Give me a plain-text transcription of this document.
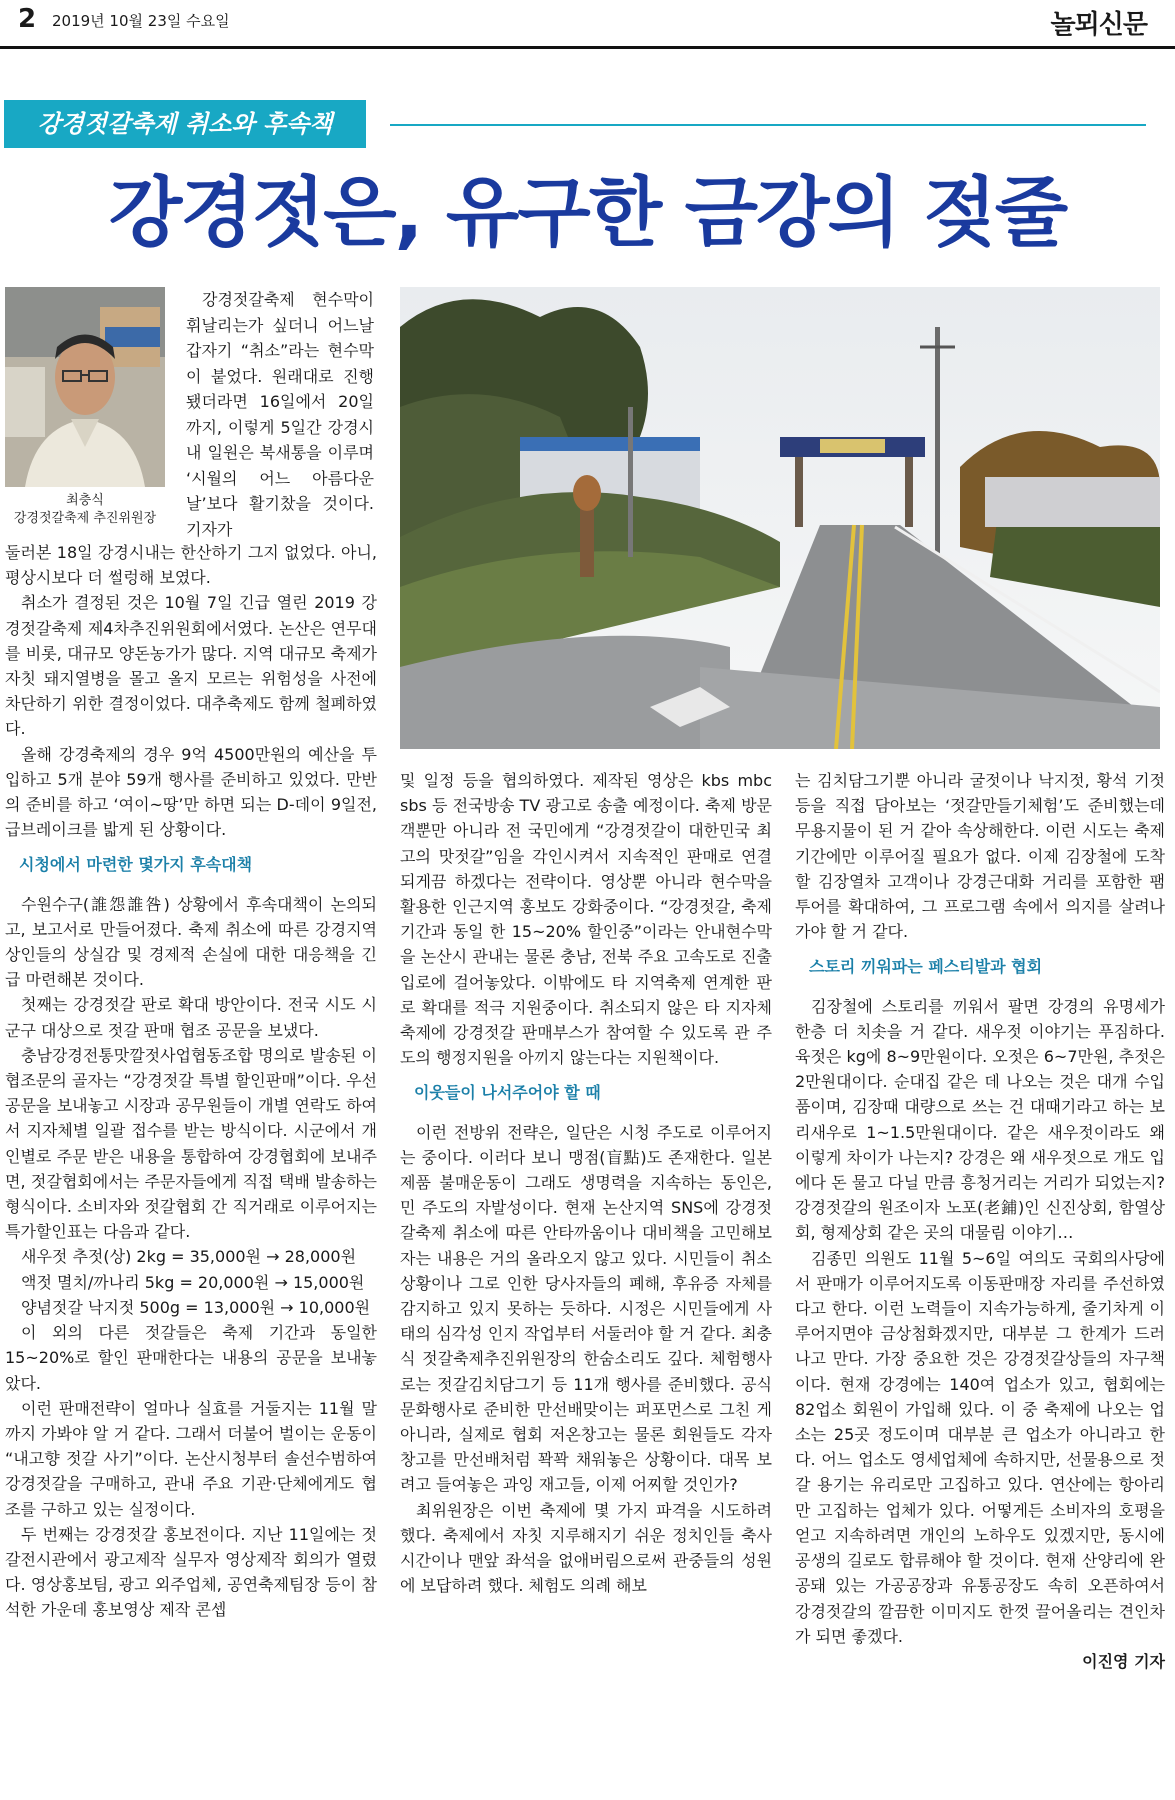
2 2019년 10월 23일 수요일	놀뫼신문
강경젓갈축제 취소와 후속책
강경젓은, 유구한 금강의 젖줄
최충식
강경젓갈축제 추진위원장

강경젓갈축제 현수막이 휘날리는가 싶더니 어느날 갑자기 “취소”라는 현수막이 붙었다. 원래대로 진행됐더라면 16일에서 20일까지, 이렇게 5일간 강경시내 일원은 북새통을 이루며 ‘시월의 어느 아름다운 날’보다 활기찼을 것이다. 기자가

둘러본 18일 강경시내는 한산하기 그지 없었다. 아니, 평상시보다 더 썰렁해 보였다.

취소가 결정된 것은 10월 7일 긴급 열린 2019 강경젓갈축제 제4차추진위원회에서였다. 논산은 연무대를 비롯, 대규모 양돈농가가 많다. 지역 대규모 축제가 자칫 돼지열병을 몰고 올지 모르는 위험성을 사전에 차단하기 위한 결정이었다. 대추축제도 함께 철폐하였다.

올해 강경축제의 경우 9억 4500만원의 예산을 투입하고 5개 분야 59개 행사를 준비하고 있었다. 만반의 준비를 하고 ‘여이~땅’만 하면 되는 D-데이 9일전, 급브레이크를 밟게 된 상황이다.

시청에서 마련한 몇가지 후속대책

수원수구(誰怨誰咎) 상황에서 후속대책이 논의되고, 보고서로 만들어졌다. 축제 취소에 따른 강경지역 상인들의 상실감 및 경제적 손실에 대한 대응책을 긴급 마련해본 것이다.

첫째는 강경젓갈 판로 확대 방안이다. 전국 시도 시군구 대상으로 젓갈 판매 협조 공문을 보냈다.

충남강경전통맛깔젓사업협동조합 명의로 발송된 이 협조문의 골자는 “강경젓갈 특별 할인판매”이다. 우선 공문을 보내놓고 시장과 공무원들이 개별 연락도 하여서 지자체별 일괄 접수를 받는 방식이다. 시군에서 개인별로 주문 받은 내용을 통합하여 강경협회에 보내주면, 젓갈협회에서는 주문자들에게 직접 택배 발송하는 형식이다. 소비자와 젓갈협회 간 직거래로 이루어지는 특가할인표는 다음과 같다.

새우젓 추젓(상) 2kg = 35,000원 → 28,000원

액젓 멸치/까나리 5kg = 20,000원 → 15,000원

양념젓갈 낙지젓 500g = 13,000원 → 10,000원

이 외의 다른 젓갈들은 축제 기간과 동일한 15~20%로 할인 판매한다는 내용의 공문을 보내놓았다.

이런 판매전략이 얼마나 실효를 거둘지는 11월 말까지 가봐야 알 거 같다. 그래서 더불어 벌이는 운동이 “내고향 젓갈 사기”이다. 논산시청부터 솔선수범하여 강경젓갈을 구매하고, 관내 주요 기관·단체에게도 협조를 구하고 있는 실정이다.

두 번째는 강경젓갈 홍보전이다. 지난 11일에는 젓갈전시관에서 광고제작 실무자 영상제작 회의가 열렸다. 영상홍보팀, 광고 외주업체, 공연축제팀장 등이 참석한 가운데 홍보영상 제작 콘셉

및 일정 등을 협의하였다. 제작된 영상은 kbs mbc sbs 등 전국방송 TV 광고로 송출 예정이다. 축제 방문객뿐만 아니라 전 국민에게 “강경젓갈이 대한민국 최고의 맛젓갈”임을 각인시켜서 지속적인 판매로 연결되게끔 하겠다는 전략이다. 영상뿐 아니라 현수막을 활용한 인근지역 홍보도 강화중이다. “강경젓갈, 축제 기간과 동일 한 15~20% 할인중”이라는 안내현수막을 논산시 관내는 물론 충남, 전북 주요 고속도로 진출입로에 걸어놓았다. 이밖에도 타 지역축제 연계한 판로 확대를 적극 지원중이다. 취소되지 않은 타 지자체 축제에 강경젓갈 판매부스가 참여할 수 있도록 관 주도의 행정지원을 아끼지 않는다는 지원책이다.

이웃들이 나서주어야 할 때

이런 전방위 전략은, 일단은 시청 주도로 이루어지는 중이다. 이러다 보니 맹점(盲點)도 존재한다. 일본제품 불매운동이 그래도 생명력을 지속하는 동인은, 민 주도의 자발성이다. 현재 논산지역 SNS에 강경젓갈축제 취소에 따른 안타까움이나 대비책을 고민해보자는 내용은 거의 올라오지 않고 있다. 시민들이 취소 상황이나 그로 인한 당사자들의 폐해, 후유증 자체를 감지하고 있지 못하는 듯하다. 시정은 시민들에게 사태의 심각성 인지 작업부터 서둘러야 할 거 같다. 최충식 젓갈축제추진위원장의 한숨소리도 깊다. 체험행사로는 젓갈김치담그기 등 11개 행사를 준비했다. 공식 문화행사로 준비한 만선배맞이는 퍼포먼스로 그친 게 아니라, 실제로 협회 저온창고는 물론 회원들도 각자 창고를 만선배처럼 꽉꽉 채워놓은 상황이다. 대목 보려고 들여놓은 과잉 재고들, 이제 어찌할 것인가?

최위원장은 이번 축제에 몇 가지 파격을 시도하려 했다. 축제에서 자칫 지루해지기 쉬운 정치인들 축사시간이나 맨앞 좌석을 없애버림으로써 관중들의 성원에 보답하려 했다. 체험도 의례 해보

는 김치담그기뿐 아니라 굴젓이나 낙지젓, 황석 기젓 등을 직접 담아보는 ‘젓갈만들기체험’도 준비했는데 무용지물이 된 거 같아 속상해한다. 이런 시도는 축제 기간에만 이루어질 필요가 없다. 이제 김장철에 도착할 김장열차 고객이나 강경근대화 거리를 포함한 팸투어를 확대하여, 그 프로그램 속에서 의지를 살려나가야 할 거 같다.

스토리 끼워파는 페스티발과 협회

김장철에 스토리를 끼워서 팔면 강경의 유명세가 한층 더 치솟을 거 같다. 새우젓 이야기는 푸짐하다. 육젓은 kg에 8~9만원이다. 오젓은 6~7만원, 추젓은 2만원대이다. 순대집 같은 데 나오는 것은 대개 수입품이며, 김장때 대량으로 쓰는 건 대때기라고 하는 보리새우로 1~1.5만원대이다. 같은 새우젓이라도 왜 이렇게 차이가 나는지? 강경은 왜 새우젓으로 개도 입에다 돈 물고 다닐 만큼 흥청거리는 거리가 되었는지? 강경젓갈의 원조이자 노포(老鋪)인 신진상회, 함열상회, 형제상회 같은 곳의 대물림 이야기…

김종민 의원도 11월 5~6일 여의도 국회의사당에서 판매가 이루어지도록 이동판매장 자리를 주선하였다고 한다. 이런 노력들이 지속가능하게, 줄기차게 이루어지면야 금상첨화겠지만, 대부분 그 한계가 드러나고 만다. 가장 중요한 것은 강경젓갈상들의 자구책이다. 현재 강경에는 140여 업소가 있고, 협회에는 82업소 회원이 가입해 있다. 이 중 축제에 나오는 업소는 25곳 정도이며 대부분 큰 업소가 아니라고 한다. 어느 업소도 영세업체에 속하지만, 선물용으로 젓갈 용기는 유리로만 고집하고 있다. 연산에는 항아리만 고집하는 업체가 있다. 어떻게든 소비자의 호평을 얻고 지속하려면 개인의 노하우도 있겠지만, 동시에 공생의 길로도 합류해야 할 것이다. 현재 산양리에 완공돼 있는 가공공장과 유통공장도 속히 오픈하여서 강경젓갈의 깔끔한 이미지도 한껏 끌어올리는 견인차가 되면 좋겠다.

이진영 기자
